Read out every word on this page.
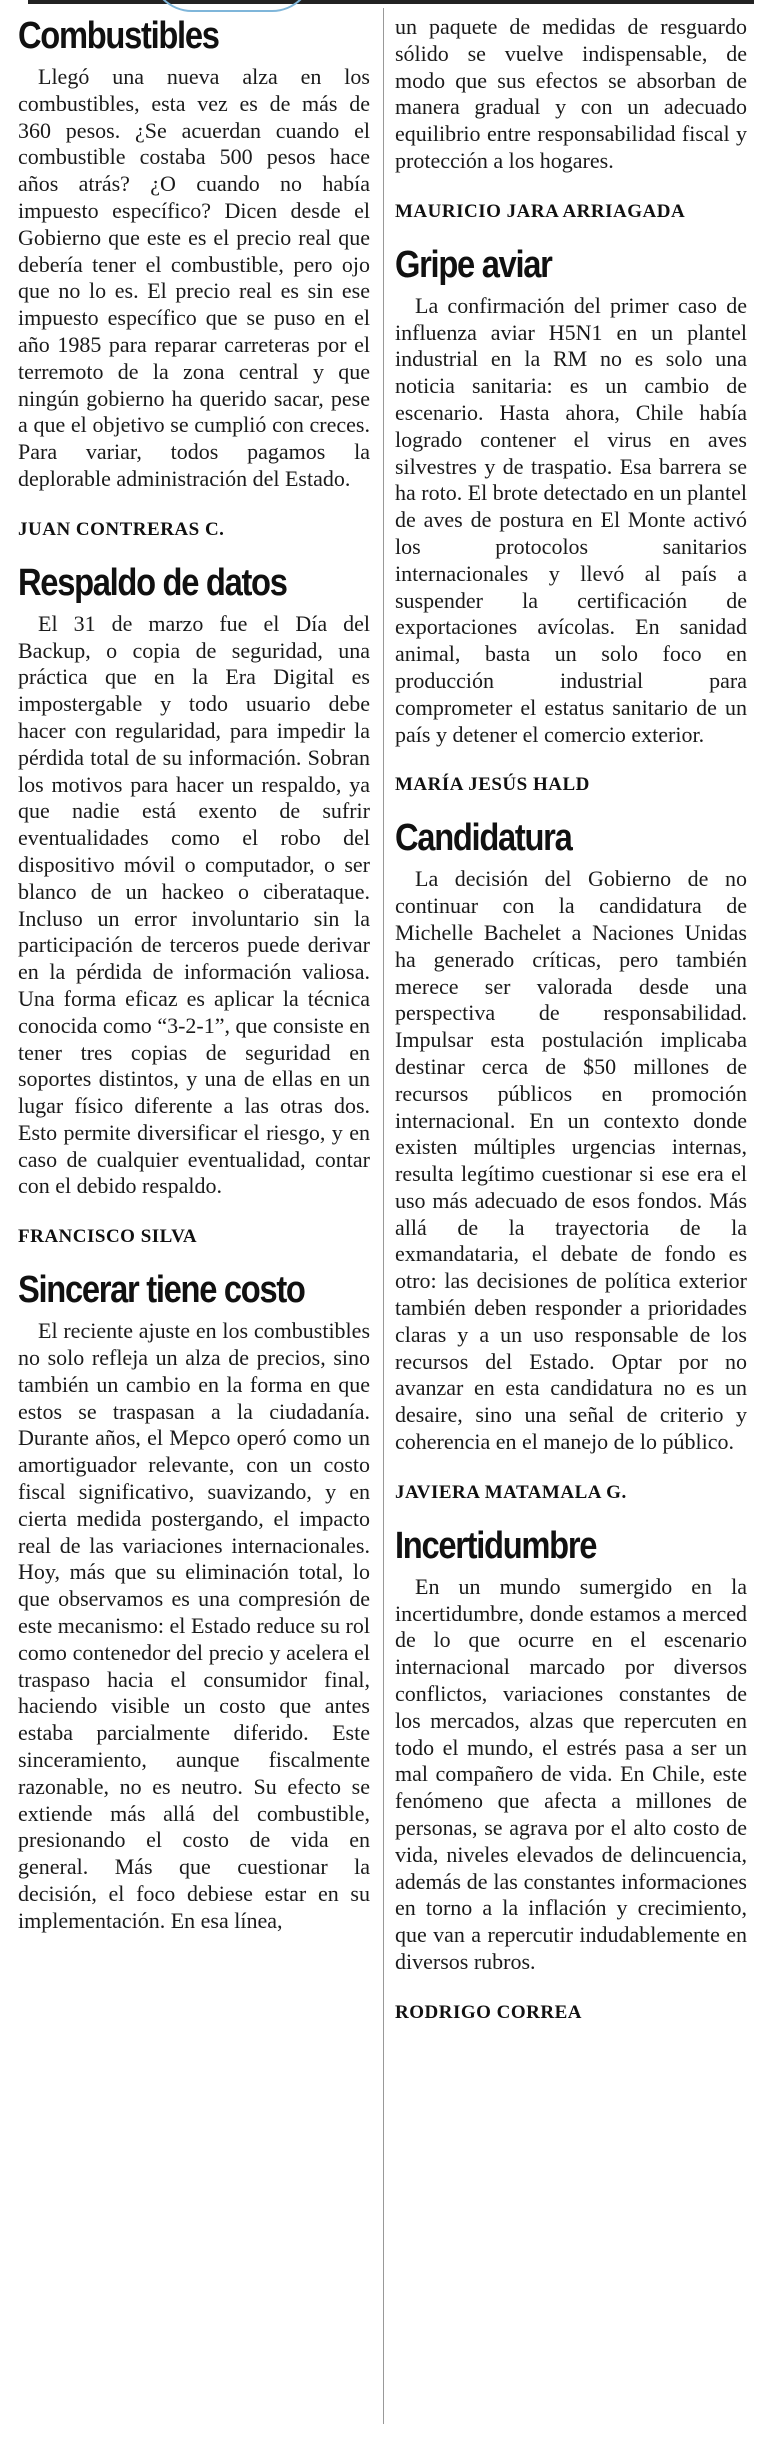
Combustibles

Llegó una nueva alza en los combustibles, esta vez es de más de 360 pesos. ¿Se acuerdan cuando el combustible costaba 500 pesos hace años atrás? ¿O cuando no había impuesto específico? Dicen desde el Gobierno que este es el precio real que debería tener el combustible, pero ojo que no lo es. El precio real es sin ese impuesto específico que se puso en el año 1985 para reparar carreteras por el terremoto de la zona central y que ningún gobierno ha querido sacar, pese a que el objetivo se cumplió con creces. Para variar, todos pagamos la deplorable administración del Estado.

JUAN CONTRERAS C.
Respaldo de datos

El 31 de marzo fue el Día del Backup, o copia de seguridad, una práctica que en la Era Digital es impostergable y todo usuario debe hacer con regularidad, para impedir la pérdida total de su información. Sobran los motivos para hacer un respaldo, ya que nadie está exento de sufrir eventualidades como el robo del dispositivo móvil o computador, o ser blanco de un hackeo o ciberataque. Incluso un error involuntario sin la participación de terceros puede derivar en la pérdida de información valiosa. Una forma eficaz es aplicar la técnica conocida como “3-2-1”, que consiste en tener tres copias de seguridad en soportes distintos, y una de ellas en un lugar físico diferente a las otras dos. Esto permite diversificar el riesgo, y en caso de cualquier eventualidad, contar con el debido respaldo.

FRANCISCO SILVA
Sincerar tiene costo

El reciente ajuste en los combustibles no solo refleja un alza de precios, sino también un cambio en la forma en que estos se traspasan a la ciudadanía. Durante años, el Mepco operó como un amortiguador relevante, con un costo fiscal significativo, suavizando, y en cierta medida postergando, el impacto real de las variaciones internacionales. Hoy, más que su eliminación total, lo que observamos es una compresión de este mecanismo: el Estado reduce su rol como contenedor del precio y acelera el traspaso hacia el consumidor final, haciendo visible un costo que antes estaba parcialmente diferido. Este sinceramiento, aunque fiscalmente razonable, no es neutro. Su efecto se extiende más allá del combustible, presionando el costo de vida en general. Más que cuestionar la decisión, el foco debiese estar en su implementación. En esa línea,

un paquete de medidas de resguardo sólido se vuelve indispensable, de modo que sus efectos se absorban de manera gradual y con un adecuado equilibrio entre responsabilidad fiscal y protección a los hogares.

MAURICIO JARA ARRIAGADA
Gripe aviar

La confirmación del primer caso de influenza aviar H5N1 en un plantel industrial en la RM no es solo una noticia sanitaria: es un cambio de escenario. Hasta ahora, Chile había logrado contener el virus en aves silvestres y de traspatio. Esa barrera se ha roto. El brote detectado en un plantel de aves de postura en El Monte activó los protocolos sanitarios internacionales y llevó al país a suspender la certificación de exportaciones avícolas. En sanidad animal, basta un solo foco en producción industrial para comprometer el estatus sanitario de un país y detener el comercio exterior.

MARÍA JESÚS HALD
Candidatura

La decisión del Gobierno de no continuar con la candidatura de Michelle Bachelet a Naciones Unidas ha generado críticas, pero también merece ser valorada desde una perspectiva de responsabilidad. Impulsar esta postulación implicaba destinar cerca de $50 millones de recursos públicos en promoción internacional. En un contexto donde existen múltiples urgencias internas, resulta legítimo cuestionar si ese era el uso más adecuado de esos fondos. Más allá de la trayectoria de la exmandataria, el debate de fondo es otro: las decisiones de política exterior también deben responder a prioridades claras y a un uso responsable de los recursos del Estado. Optar por no avanzar en esta candidatura no es un desaire, sino una señal de criterio y coherencia en el manejo de lo público.

JAVIERA MATAMALA G.
Incertidumbre

En un mundo sumergido en la incertidumbre, donde estamos a merced de lo que ocurre en el escenario internacional marcado por diversos conflictos, variaciones constantes de los mercados, alzas que repercuten en todo el mundo, el estrés pasa a ser un mal compañero de vida. En Chile, este fenómeno que afecta a millones de personas, se agrava por el alto costo de vida, niveles elevados de delincuencia, además de las constantes informaciones en torno a la inflación y crecimiento, que van a repercutir indudablemente en diversos rubros.

RODRIGO CORREA
